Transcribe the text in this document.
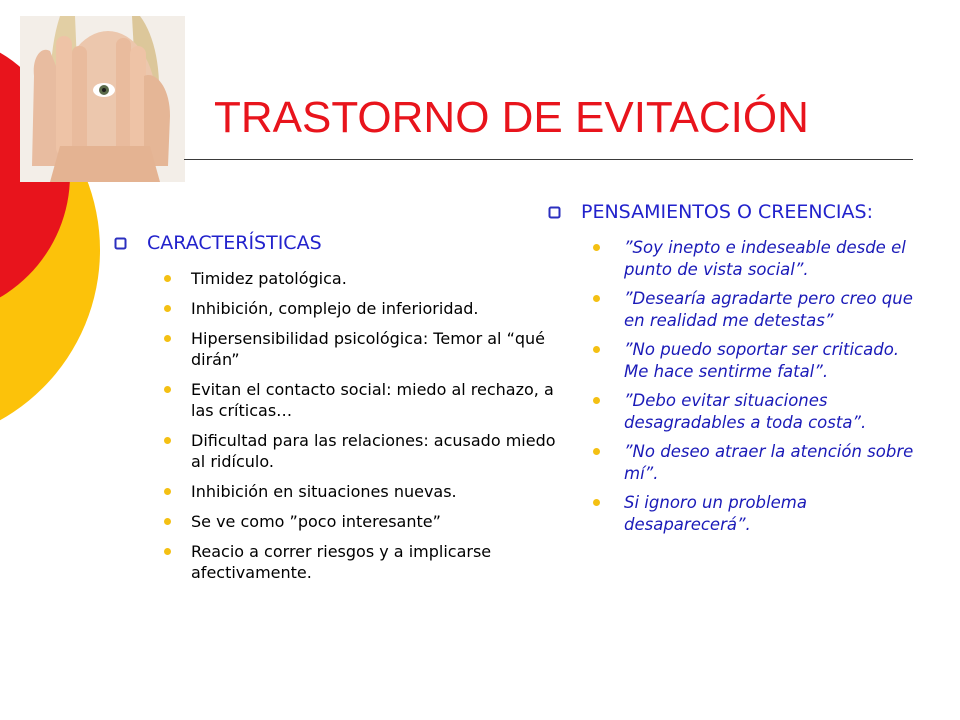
TRASTORNO DE EVITACIÓN
CARACTERÍSTICAS
Timidez patológica.
Inhibición, complejo de inferioridad.
Hipersensibilidad psicológica: Temor al “qué dirán”
Evitan el contacto social: miedo al rechazo, a las críticas…
Dificultad para las relaciones: acusado miedo al ridículo.
Inhibición en situaciones nuevas.
Se ve como ”poco interesante”
Reacio a correr riesgos y a implicarse afectivamente.
PENSAMIENTOS O CREENCIAS:
”Soy inepto e indeseable desde el punto de vista social”.
”Desearía agradarte pero creo que en realidad me detestas”
”No puedo soportar ser criticado. Me hace sentirme fatal”.
”Debo evitar situaciones desagradables a toda costa”.
”No deseo atraer la atención sobre mí”.
Si ignoro un problema desaparecerá”.
